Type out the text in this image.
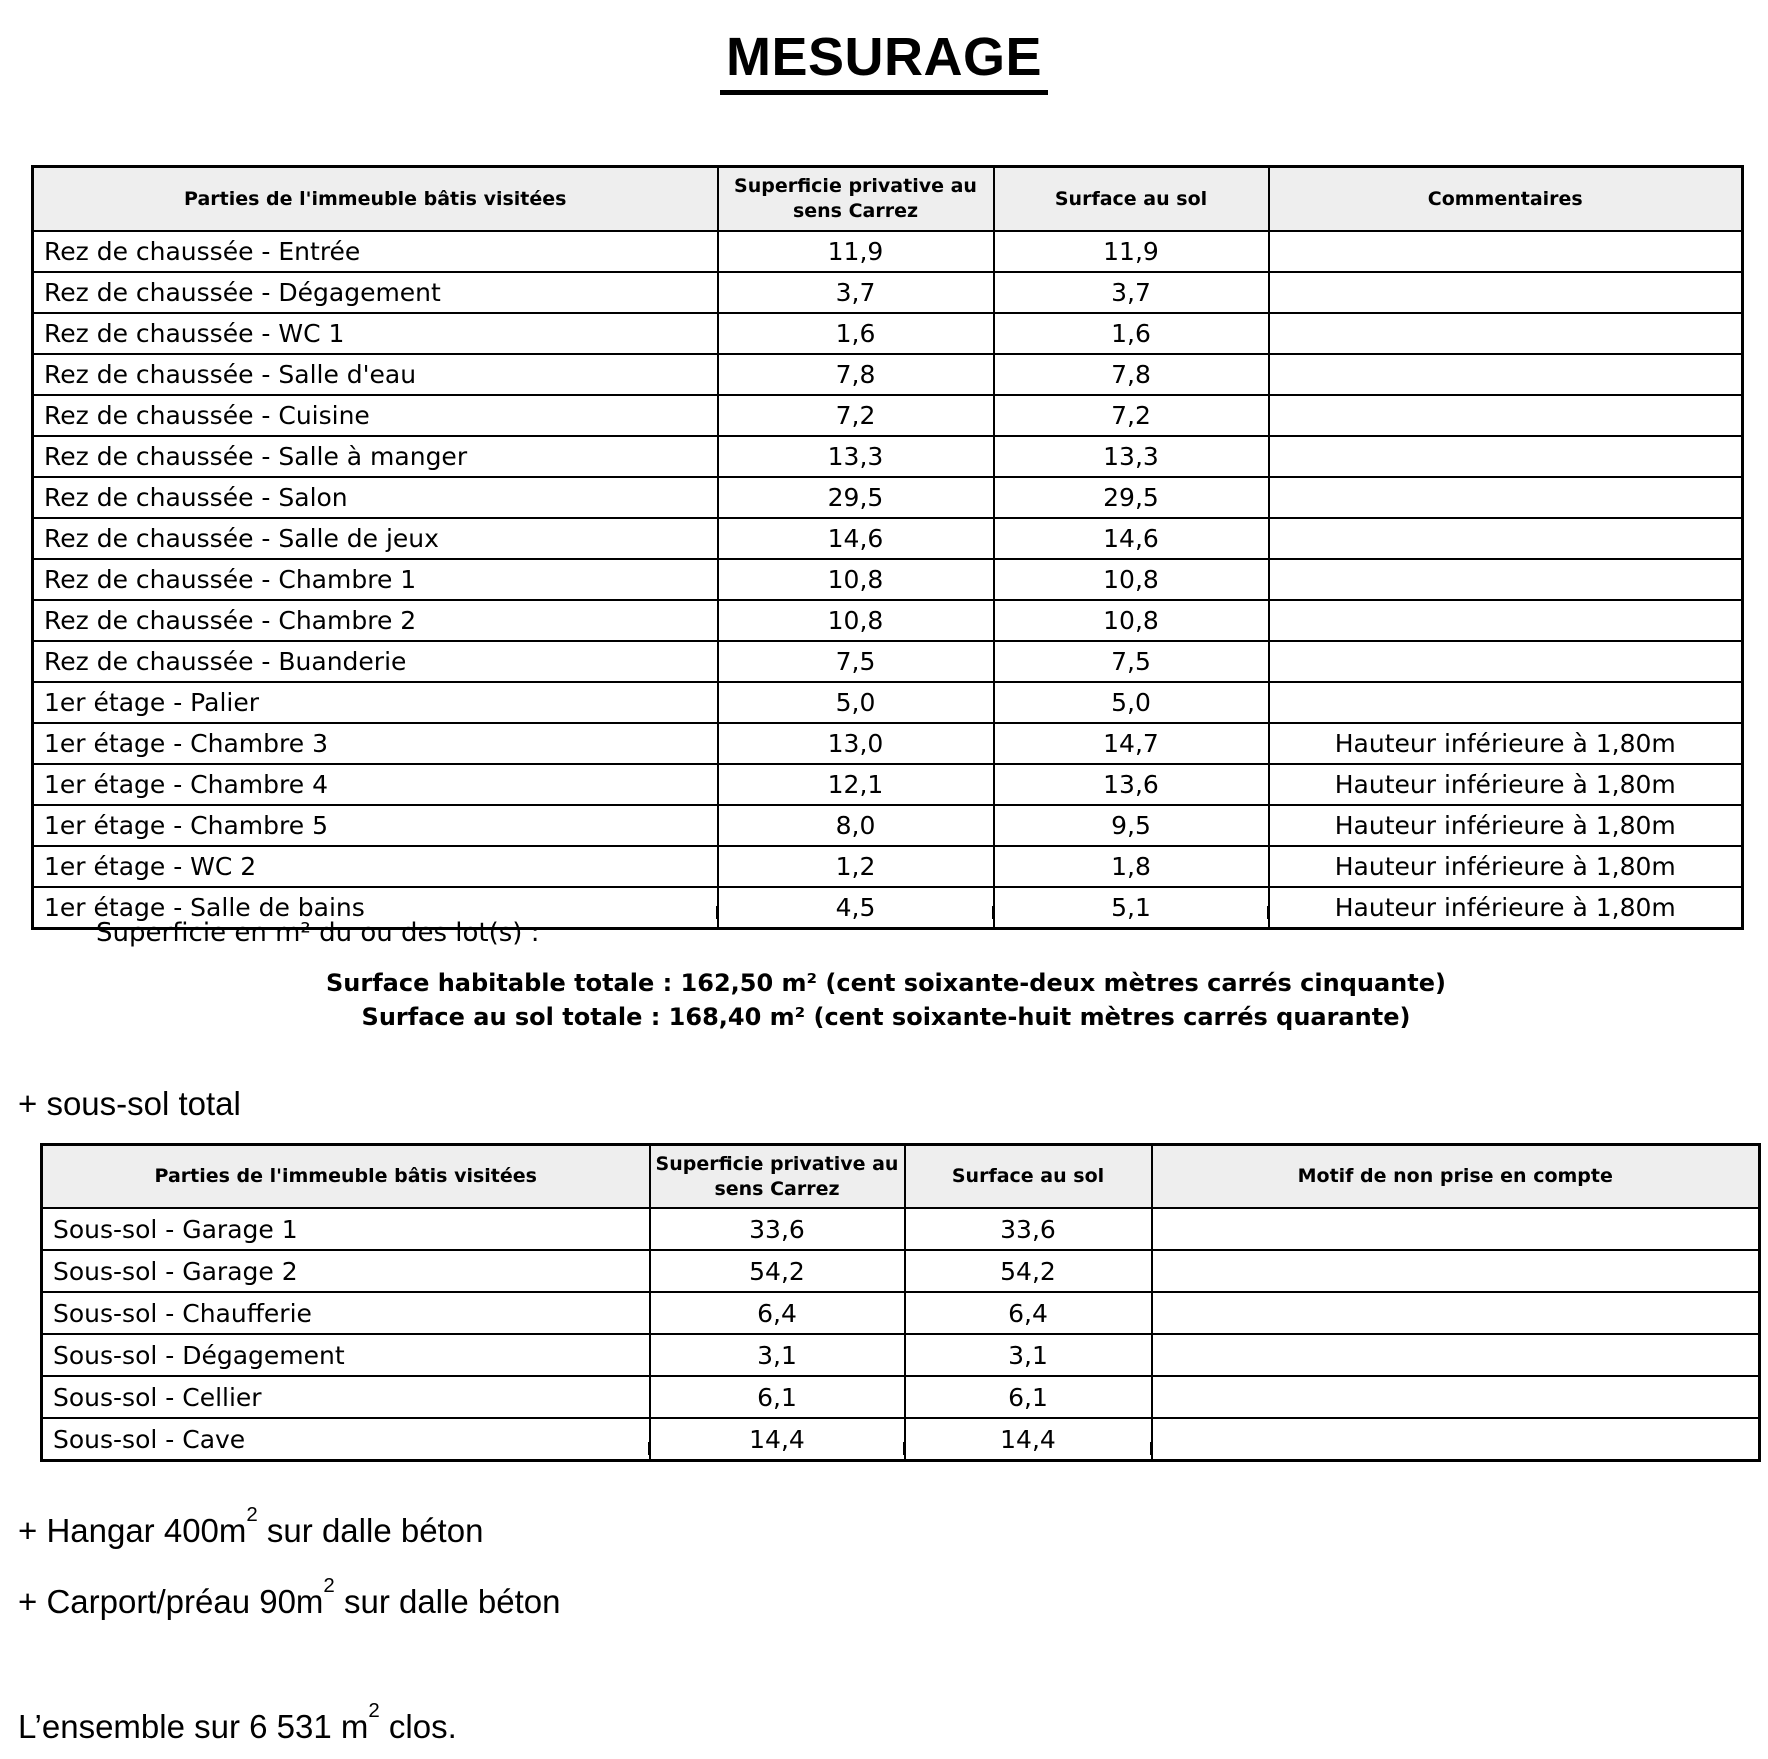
MESURAGE
Parties de l'immeuble bâtis visitées	Superficie privative au sens Carrez	Surface au sol	Commentaires
Rez de chaussée - Entrée	11,9	11,9	
Rez de chaussée - Dégagement	3,7	3,7	
Rez de chaussée - WC 1	1,6	1,6	
Rez de chaussée - Salle d'eau	7,8	7,8	
Rez de chaussée - Cuisine	7,2	7,2	
Rez de chaussée - Salle à manger	13,3	13,3	
Rez de chaussée - Salon	29,5	29,5	
Rez de chaussée - Salle de jeux	14,6	14,6	
Rez de chaussée - Chambre 1	10,8	10,8	
Rez de chaussée - Chambre 2	10,8	10,8	
Rez de chaussée - Buanderie	7,5	7,5	
1er étage - Palier	5,0	5,0	
1er étage - Chambre 3	13,0	14,7	Hauteur inférieure à 1,80m
1er étage - Chambre 4	12,1	13,6	Hauteur inférieure à 1,80m
1er étage - Chambre 5	8,0	9,5	Hauteur inférieure à 1,80m
1er étage - WC 2	1,2	1,8	Hauteur inférieure à 1,80m
1er étage - Salle de bains	4,5	5,1	Hauteur inférieure à 1,80m
Superficie en m² du ou des lot(s) :
Surface habitable totale : 162,50 m² (cent soixante-deux mètres carrés cinquante)
Surface au sol totale : 168,40 m² (cent soixante-huit mètres carrés quarante)
+ sous-sol total
Parties de l'immeuble bâtis visitées	Superficie privative au sens Carrez	Surface au sol	Motif de non prise en compte
Sous-sol - Garage 1	33,6	33,6	
Sous-sol - Garage 2	54,2	54,2	
Sous-sol - Chaufferie	6,4	6,4	
Sous-sol - Dégagement	3,1	3,1	
Sous-sol - Cellier	6,1	6,1	
Sous-sol - Cave	14,4	14,4	
+ Hangar $400m^2$ sur dalle béton
+ Carport/préau $90m^2$ sur dalle béton
L’ensemble sur 6 531 $m^2$ clos.
